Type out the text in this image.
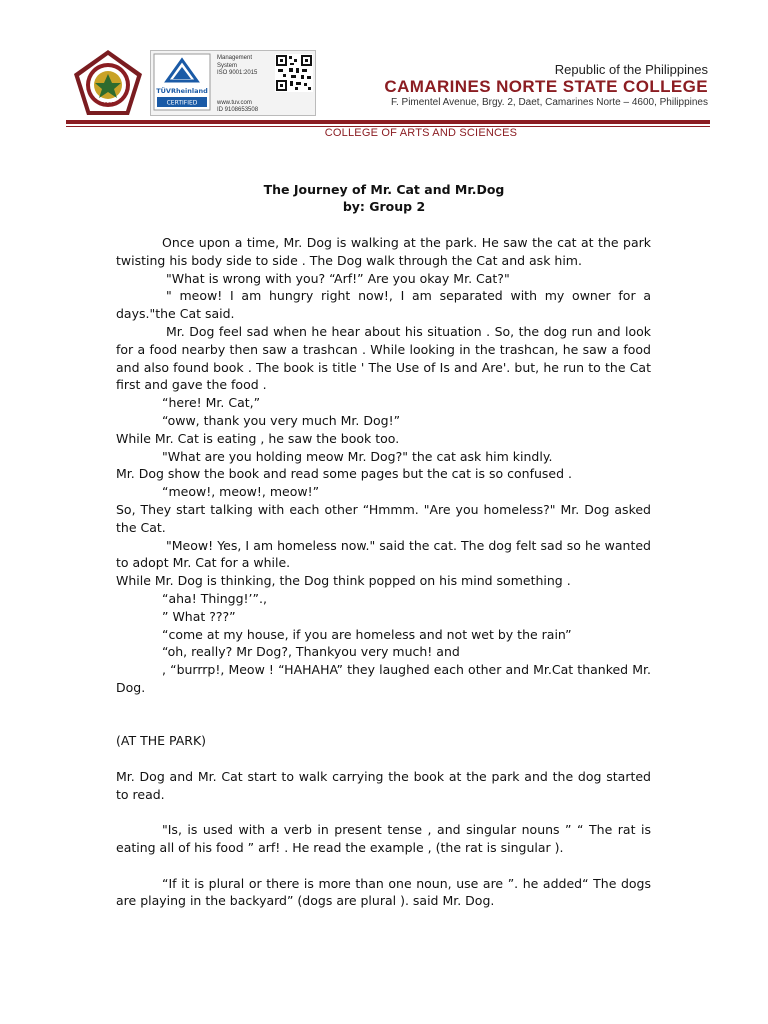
1992
TÜVRheinland
CERTIFIED
Management
System
ISO 9001:2015
www.tuv.com
ID 9108653508
Republic of the Philippines
CAMARINES NORTE STATE COLLEGE
F. Pimentel Avenue, Brgy. 2, Daet, Camarines Norte – 4600, Philippines
COLLEGE OF ARTS AND SCIENCES
The Journey of Mr. Cat and Mr.Dog
by: Group 2
Once upon a time, Mr. Dog is walking at the park. He saw the cat at the park twisting his body side to side . The Dog walk through the Cat and ask him.
"What is wrong with you? “Arf!” Are you okay Mr. Cat?"
" meow! I am hungry right now!, I am separated with my owner for a days."the Cat said.
Mr. Dog feel sad when he hear about his situation . So, the dog run and look for a food nearby then saw a trashcan . While looking in the trashcan, he saw a food and also found book . The book is title ' The Use of Is and Are'. but, he run to the Cat first and gave the food .
“here! Mr. Cat,”
“oww, thank you very much Mr. Dog!”
While Mr. Cat is eating , he saw the book too.
"What are you holding meow Mr. Dog?" the cat ask him kindly.
Mr. Dog show the book and read some pages but the cat is so confused .
“meow!, meow!, meow!”
So, They start talking with each other “Hmmm. "Are you homeless?" Mr. Dog asked the Cat.
"Meow! Yes, I am homeless now." said the cat. The dog felt sad so he wanted to adopt Mr. Cat for a while.
While Mr. Dog is thinking, the Dog think popped on his mind something .
“aha! Thingg!’”.,
” What ???”
“come at my house, if you are homeless and not wet by the rain”
“oh, really? Mr Dog?, Thankyou very much! and
, “burrrp!, Meow ! “HAHAHA” they laughed each other and Mr.Cat thanked Mr. Dog.
(AT THE PARK)
Mr. Dog and Mr. Cat start to walk carrying the book at the park and the dog started to read.
"Is, is used with a verb in present tense , and singular nouns ” “ The rat is eating all of his food ” arf! . He read the example , (the rat is singular ).
“If it is plural or there is more than one noun, use are ”. he added“ The dogs are playing in the backyard” (dogs are plural ). said Mr. Dog.
